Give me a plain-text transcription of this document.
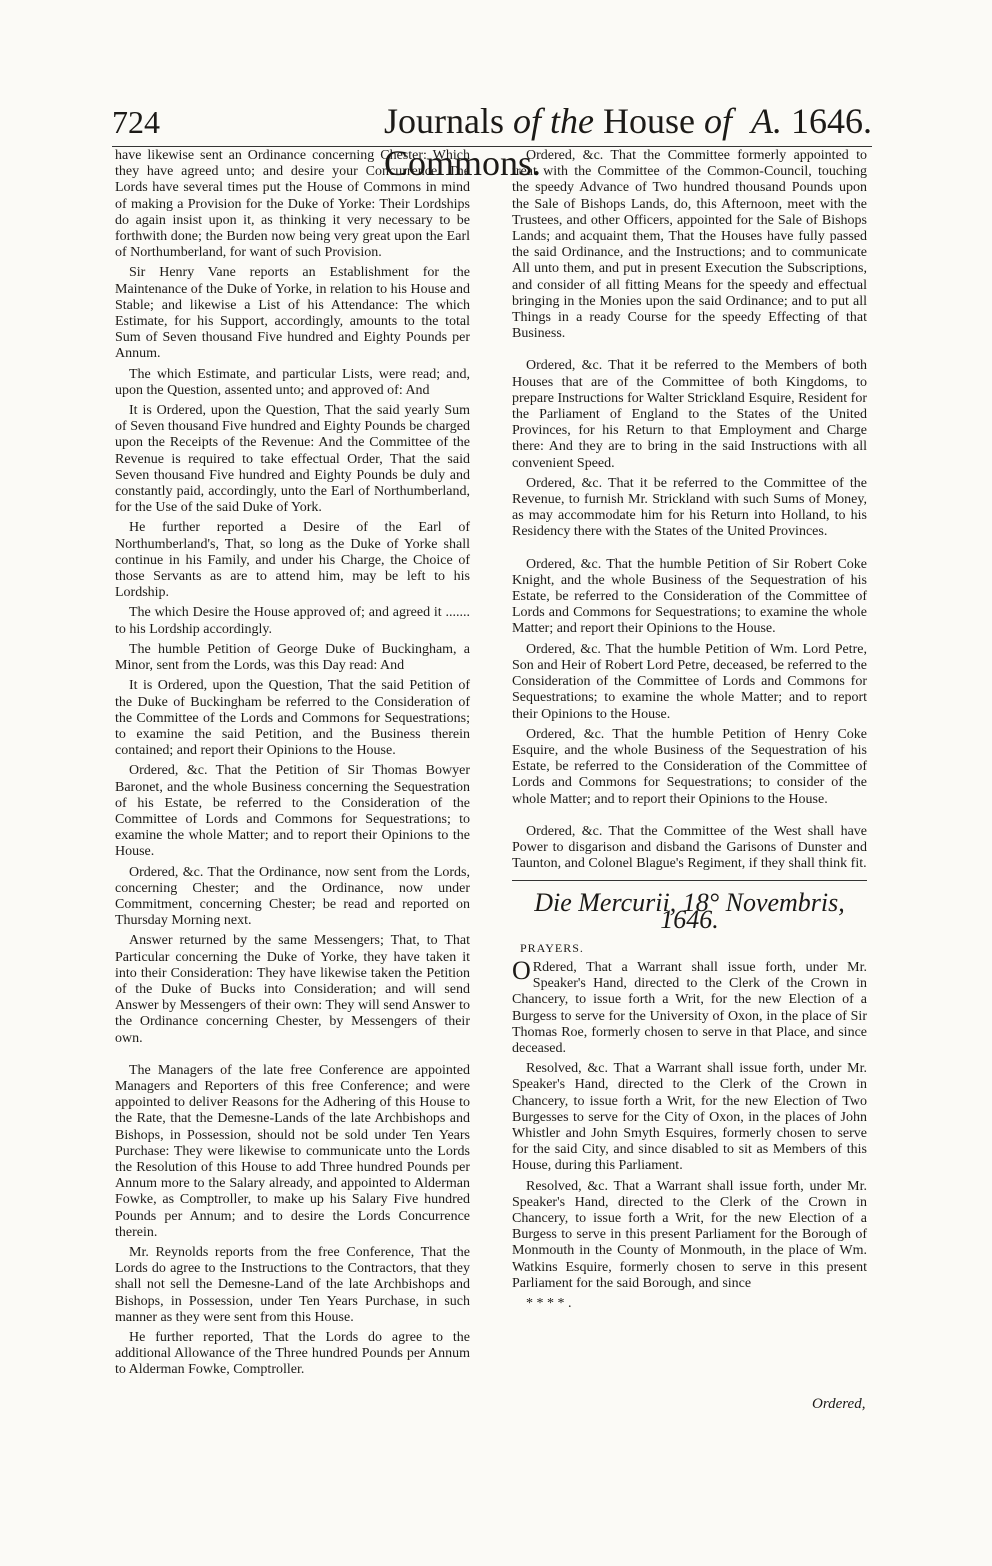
724	Journals of the House of Commons.
A. 1646.

have likewise sent an Ordinance concerning Chester: Which they have agreed unto; and desire your Concurrence. The Lords have several times put the House of Commons in mind of making a Provision for the Duke of Yorke: Their Lordships do again insist upon it, as thinking it very necessary to be forthwith done; the Burden now being very great upon the Earl of Northumberland, for want of such Provision.

Sir Henry Vane reports an Establishment for the Maintenance of the Duke of Yorke, in relation to his House and Stable; and likewise a List of his Attendance: The which Estimate, for his Support, accordingly, amounts to the total Sum of Seven thousand Five hundred and Eighty Pounds per Annum.

The which Estimate, and particular Lists, were read; and, upon the Question, assented unto; and approved of: And

It is Ordered, upon the Question, That the said yearly Sum of Seven thousand Five hundred and Eighty Pounds be charged upon the Receipts of the Revenue: And the Committee of the Revenue is required to take effectual Order, That the said Seven thousand Five hundred and Eighty Pounds be duly and constantly paid, accordingly, unto the Earl of Northumberland, for the Use of the said Duke of York.

He further reported a Desire of the Earl of Northumberland's, That, so long as the Duke of Yorke shall continue in his Family, and under his Charge, the Choice of those Servants as are to attend him, may be left to his Lordship.

The which Desire the House approved of; and agreed it ....... to his Lordship accordingly.

The humble Petition of George Duke of Buckingham, a Minor, sent from the Lords, was this Day read: And

It is Ordered, upon the Question, That the said Petition of the Duke of Buckingham be referred to the Consideration of the Committee of the Lords and Commons for Sequestrations; to examine the said Petition, and the Business therein contained; and report their Opinions to the House.

Ordered, &c. That the Petition of Sir Thomas Bowyer Baronet, and the whole Business concerning the Sequestration of his Estate, be referred to the Consideration of the Committee of Lords and Commons for Sequestrations; to examine the whole Matter; and to report their Opinions to the House.

Ordered, &c. That the Ordinance, now sent from the Lords, concerning Chester; and the Ordinance, now under Commitment, concerning Chester; be read and reported on Thursday Morning next.

Answer returned by the same Messengers; That, to That Particular concerning the Duke of Yorke, they have taken it into their Consideration: They have likewise taken the Petition of the Duke of Bucks into Consideration; and will send Answer by Messengers of their own: They will send Answer to the Ordinance concerning Chester, by Messengers of their own.

The Managers of the late free Conference are appointed Managers and Reporters of this free Conference; and were appointed to deliver Reasons for the Adhering of this House to the Rate, that the Demesne-Lands of the late Archbishops and Bishops, in Possession, should not be sold under Ten Years Purchase: They were likewise to communicate unto the Lords the Resolution of this House to add Three hundred Pounds per Annum more to the Salary already, and appointed to Alderman Fowke, as Comptroller, to make up his Salary Five hundred Pounds per Annum; and to desire the Lords Concurrence therein.

Mr. Reynolds reports from the free Conference, That the Lords do agree to the Instructions to the Contractors, that they shall not sell the Demesne-Land of the late Archbishops and Bishops, in Possession, under Ten Years Purchase, in such manner as they were sent from this House.

He further reported, That the Lords do agree to the additional Allowance of the Three hundred Pounds per Annum to Alderman Fowke, Comptroller.

Ordered, &c. That the Committee formerly appointed to treat with the Committee of the Common-Council, touching the speedy Advance of Two hundred thousand Pounds upon the Sale of Bishops Lands, do, this Afternoon, meet with the Trustees, and other Officers, appointed for the Sale of Bishops Lands; and acquaint them, That the Houses have fully passed the said Ordinance, and the Instructions; and to communicate All unto them, and put in present Execution the Subscriptions, and consider of all fitting Means for the speedy and effectual bringing in the Monies upon the said Ordinance; and to put all Things in a ready Course for the speedy Effecting of that Business.

Ordered, &c. That it be referred to the Members of both Houses that are of the Committee of both Kingdoms, to prepare Instructions for Walter Strickland Esquire, Resident for the Parliament of England to the States of the United Provinces, for his Return to that Employment and Charge there: And they are to bring in the said Instructions with all convenient Speed.

Ordered, &c. That it be referred to the Committee of the Revenue, to furnish Mr. Strickland with such Sums of Money, as may accommodate him for his Return into Holland, to his Residency there with the States of the United Provinces.

Ordered, &c. That the humble Petition of Sir Robert Coke Knight, and the whole Business of the Sequestration of his Estate, be referred to the Consideration of the Committee of Lords and Commons for Sequestrations; to examine the whole Matter; and report their Opinions to the House.

Ordered, &c. That the humble Petition of Wm. Lord Petre, Son and Heir of Robert Lord Petre, deceased, be referred to the Consideration of the Committee of Lords and Commons for Sequestrations; to examine the whole Matter; and to report their Opinions to the House.

Ordered, &c. That the humble Petition of Henry Coke Esquire, and the whole Business of the Sequestration of his Estate, be referred to the Consideration of the Committee of Lords and Commons for Sequestrations; to consider of the whole Matter; and to report their Opinions to the House.

Ordered, &c. That the Committee of the West shall have Power to disgarison and disband the Garisons of Dunster and Taunton, and Colonel Blague's Regiment, if they shall think fit.

Die Mercurii, 18° Novembris, 1646.
PRAYERS.

O Rdered, That a Warrant shall issue forth, under Mr. Speaker's Hand, directed to the Clerk of the Crown in Chancery, to issue forth a Writ, for the new Election of a Burgess to serve for the University of Oxon, in the place of Sir Thomas Roe, formerly chosen to serve in that Place, and since deceased.

Resolved, &c. That a Warrant shall issue forth, under Mr. Speaker's Hand, directed to the Clerk of the Crown in Chancery, to issue forth a Writ, for the new Election of Two Burgesses to serve for the City of Oxon, in the places of John Whistler and John Smyth Esquires, formerly chosen to serve for the said City, and since disabled to sit as Members of this House, during this Parliament.

Resolved, &c. That a Warrant shall issue forth, under Mr. Speaker's Hand, directed to the Clerk of the Crown in Chancery, to issue forth a Writ, for the new Election of a Burgess to serve in this present Parliament for the Borough of Monmouth in the County of Monmouth, in the place of Wm. Watkins Esquire, formerly chosen to serve in this present Parliament for the said Borough, and since

* * * * .

Ordered,
